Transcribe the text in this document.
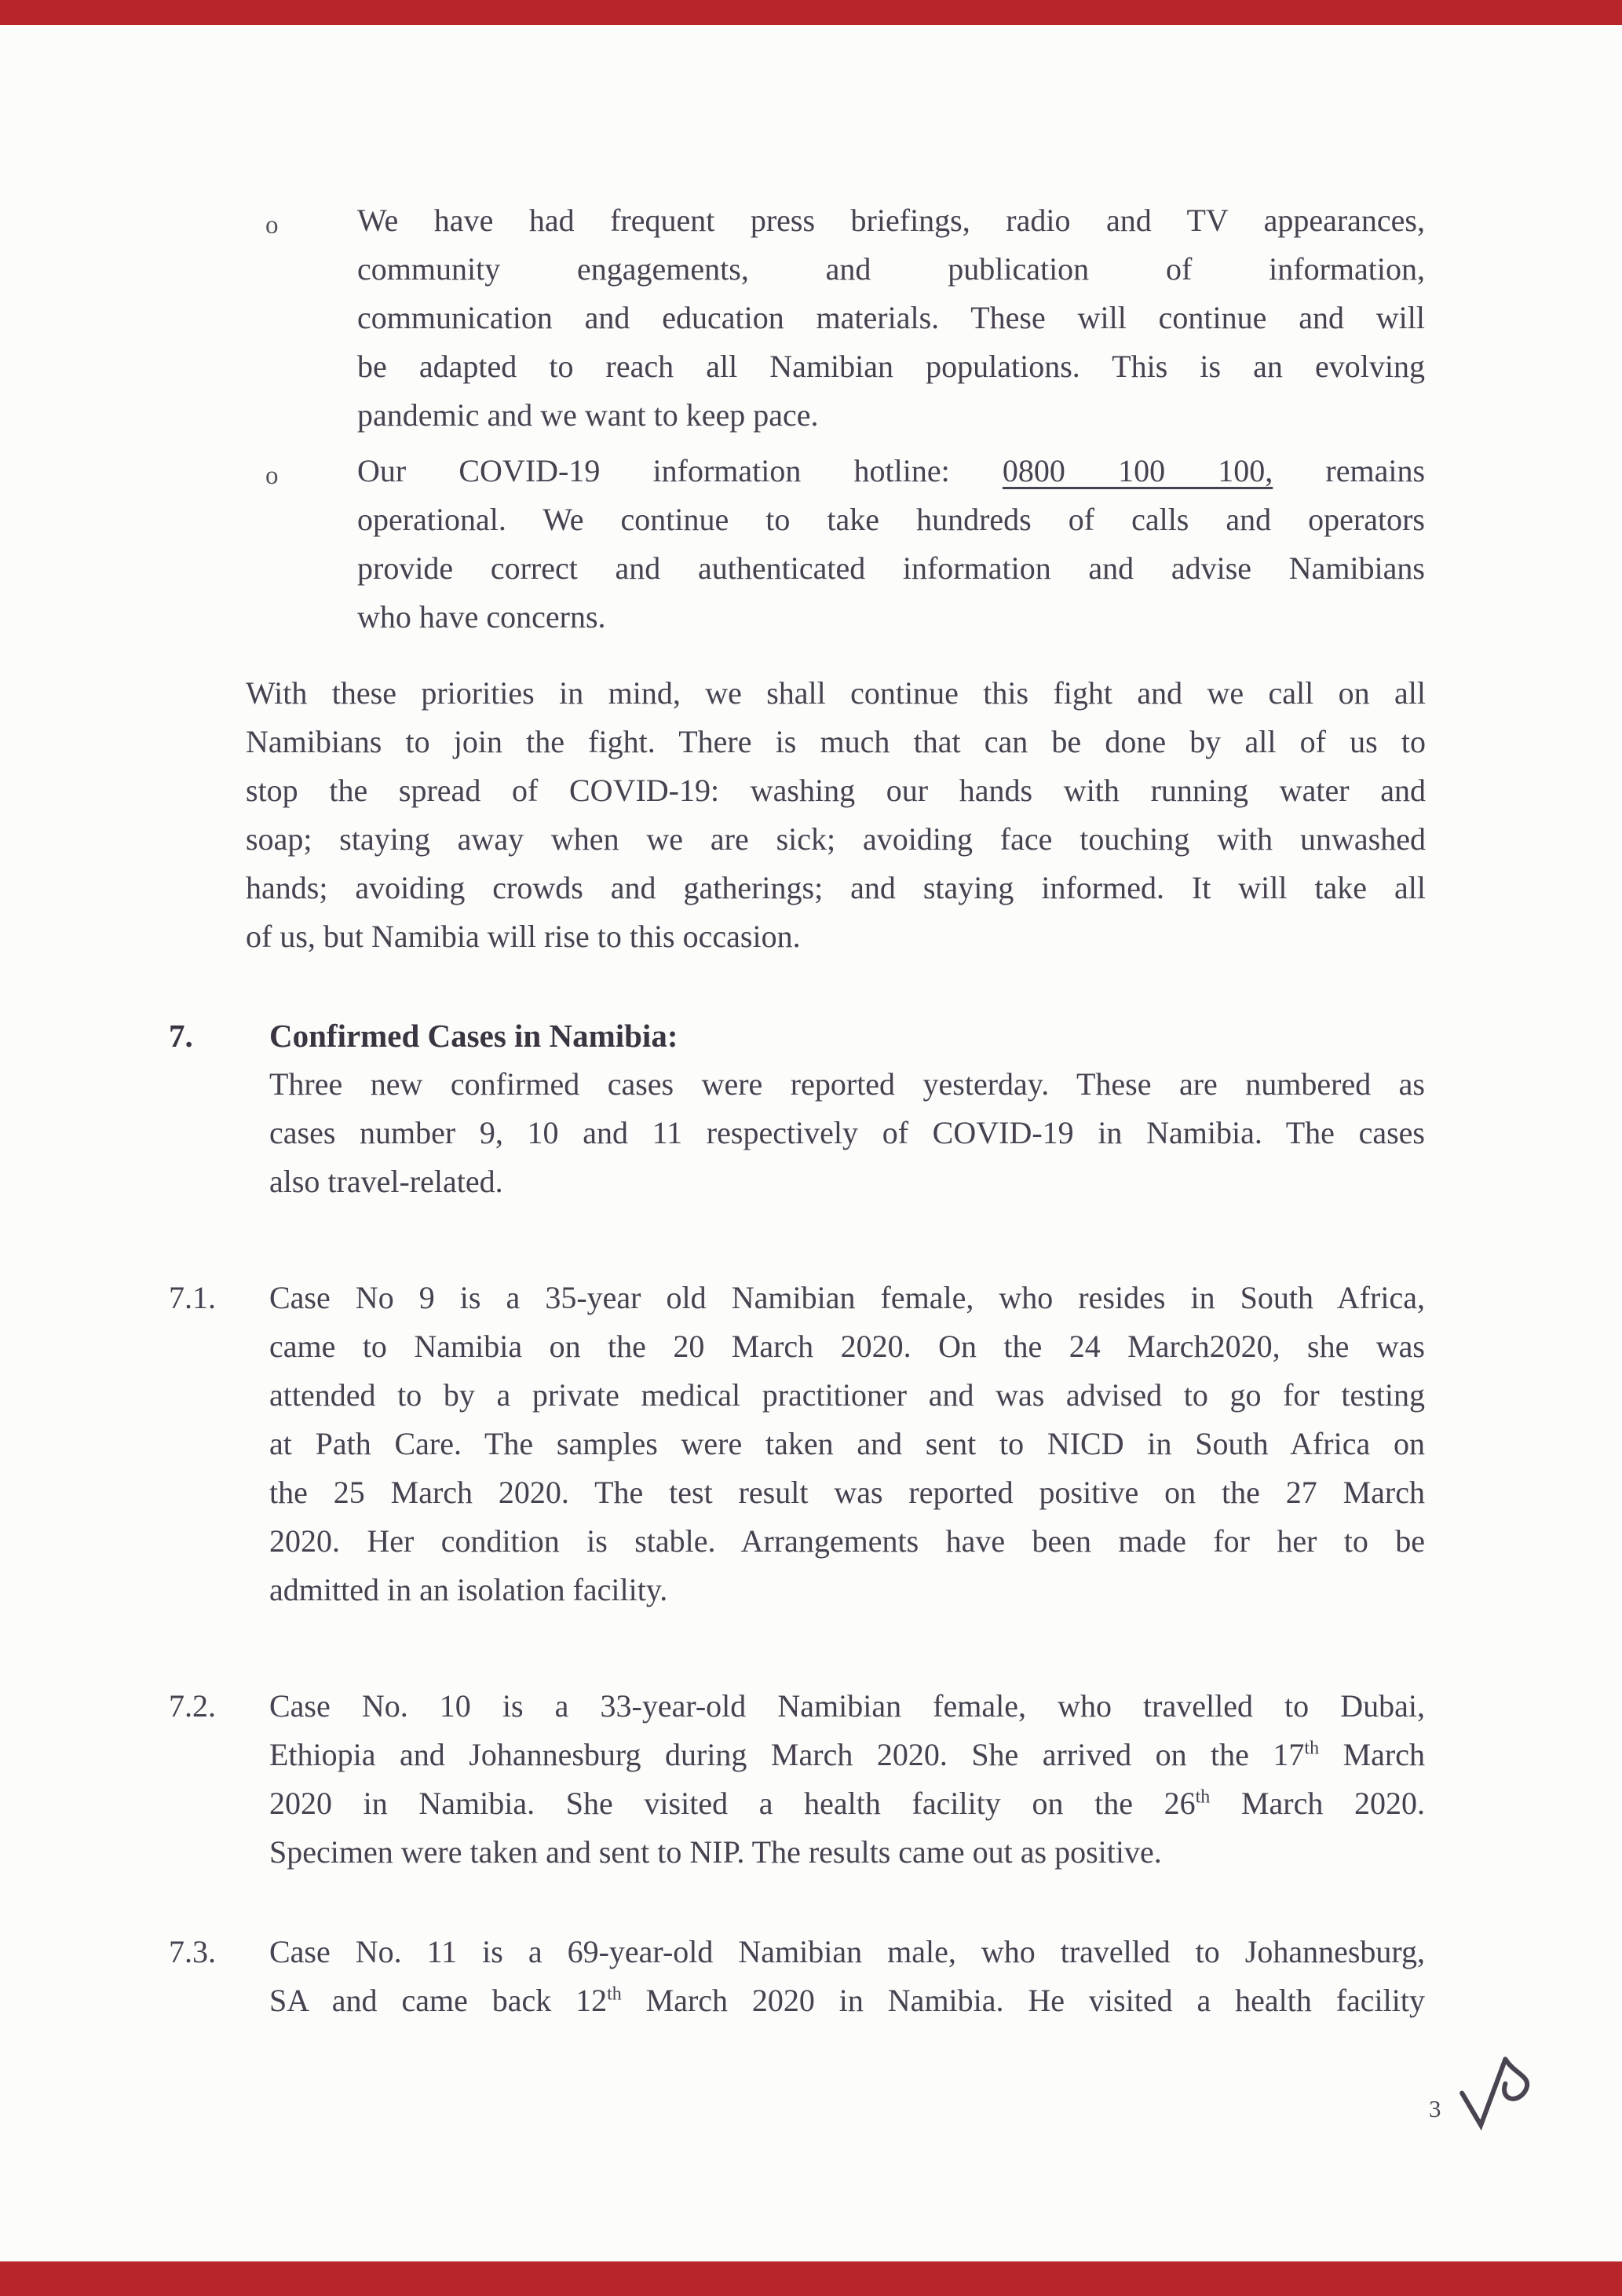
o	We have had frequent press briefings, radio and TV appearances,
community engagements, and publication of information,
communication and education materials. These will continue and will
be adapted to reach all Namibian populations. This is an evolving
pandemic and we want to keep pace.
o	Our COVID-19 information hotline: 0800 100 100, remains
operational. We continue to take hundreds of calls and operators
provide correct and authenticated information and advise Namibians
who have concerns.
With these priorities in mind, we shall continue this fight and we call on all
Namibians to join the fight. There is much that can be done by all of us to
stop the spread of COVID-19: washing our hands with running water and
soap; staying away when we are sick; avoiding face touching with unwashed
hands; avoiding crowds and gatherings; and staying informed. It will take all
of us, but Namibia will rise to this occasion.
7. Confirmed Cases in Namibia:
Three new confirmed cases were reported yesterday. These are numbered as
cases number 9, 10 and 11 respectively of COVID-19 in Namibia. The cases
also travel-related.
7.1. Case No 9 is a 35-year old Namibian female, who resides in South Africa,
came to Namibia on the 20 March 2020. On the 24 March2020, she was
attended to by a private medical practitioner and was advised to go for testing
at Path Care. The samples were taken and sent to NICD in South Africa on
the 25 March 2020. The test result was reported positive on the 27 March
2020. Her condition is stable. Arrangements have been made for her to be
admitted in an isolation facility.
7.2. Case No. 10 is a 33-year-old Namibian female, who travelled to Dubai,
Ethiopia and Johannesburg during March 2020. She arrived on the 17th March
2020 in Namibia. She visited a health facility on the 26th March 2020.
Specimen were taken and sent to NIP. The results came out as positive.
7.3. Case No. 11 is a 69-year-old Namibian male, who travelled to Johannesburg,
SA and came back 12th March 2020 in Namibia. He visited a health facility
3
